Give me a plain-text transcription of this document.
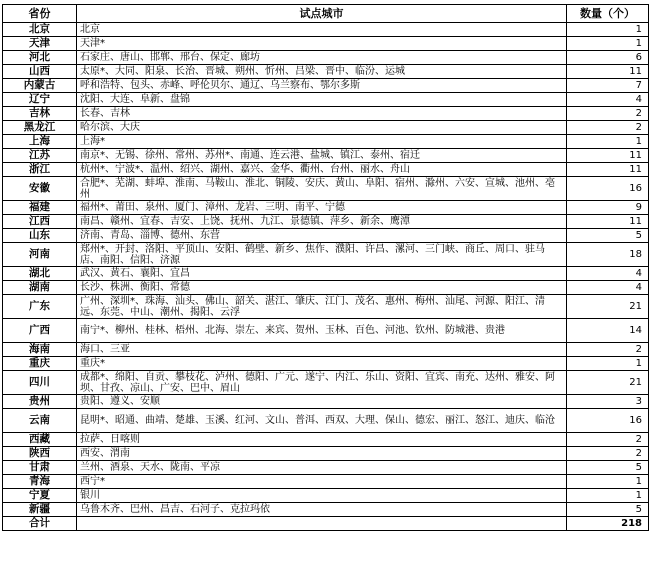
省份	试点城市	数量（个）
北京	北京	1
天津	天津*	1
河北	石家庄、唐山、邯郸、邢台、保定、廊坊	6
山西	太原*、大同、阳泉、长治、晋城、朔州、忻州、吕梁、晋中、临汾、运城	11
内蒙古	呼和浩特、包头、赤峰、呼伦贝尔、通辽、乌兰察布、鄂尔多斯	7
辽宁	沈阳、大连、阜新、盘锦	4
吉林	长春、吉林	2
黑龙江	哈尔滨、大庆	2
上海	上海*	1
江苏	南京*、无锡、徐州、常州、苏州*、南通、连云港、盐城、镇江、泰州、宿迁	11
浙江	杭州*、宁波*、温州、绍兴、湖州、嘉兴、金华、衢州、台州、丽水、舟山	11
安徽	合肥*、芜湖、蚌埠、淮南、马鞍山、淮北、铜陵、安庆、黄山、阜阳、宿州、滁州、六安、宣城、池州、亳州	16
福建	福州*、莆田、泉州、厦门、漳州、龙岩、三明、南平、宁德	9
江西	南昌、赣州、宜春、吉安、上饶、抚州、九江、景德镇、萍乡、新余、鹰潭	11
山东	济南、青岛、淄博、德州、东营	5
河南	郑州*、开封、洛阳、平顶山、安阳、鹤壁、新乡、焦作、濮阳、许昌、漯河、三门峡、商丘、周口、驻马店、南阳、信阳、济源	18
湖北	武汉、黄石、襄阳、宜昌	4
湖南	长沙、株洲、衡阳、常德	4
广东	广州、深圳*、珠海、汕头、佛山、韶关、湛江、肇庆、江门、茂名、惠州、梅州、汕尾、河源、阳江、清远、东莞、中山、潮州、揭阳、云浮	21
广西	南宁*、柳州、桂林、梧州、北海、崇左、来宾、贺州、玉林、百色、河池、钦州、防城港、贵港	14
海南	海口、三亚	2
重庆	重庆*	1
四川	成都*、绵阳、自贡、攀枝花、泸州、德阳、广元、遂宁、内江、乐山、资阳、宜宾、南充、达州、雅安、阿坝、甘孜、凉山、广安、巴中、眉山	21
贵州	贵阳、遵义、安顺	3
云南	昆明*、昭通、曲靖、楚雄、玉溪、红河、文山、普洱、西双、大理、保山、德宏、丽江、怒江、迪庆、临沧	16
西藏	拉萨、日喀则	2
陕西	西安、渭南	2
甘肃	兰州、酒泉、天水、陇南、平凉	5
青海	西宁*	1
宁夏	银川	1
新疆	乌鲁木齐、巴州、昌吉、石河子、克拉玛依	5
合计		218
